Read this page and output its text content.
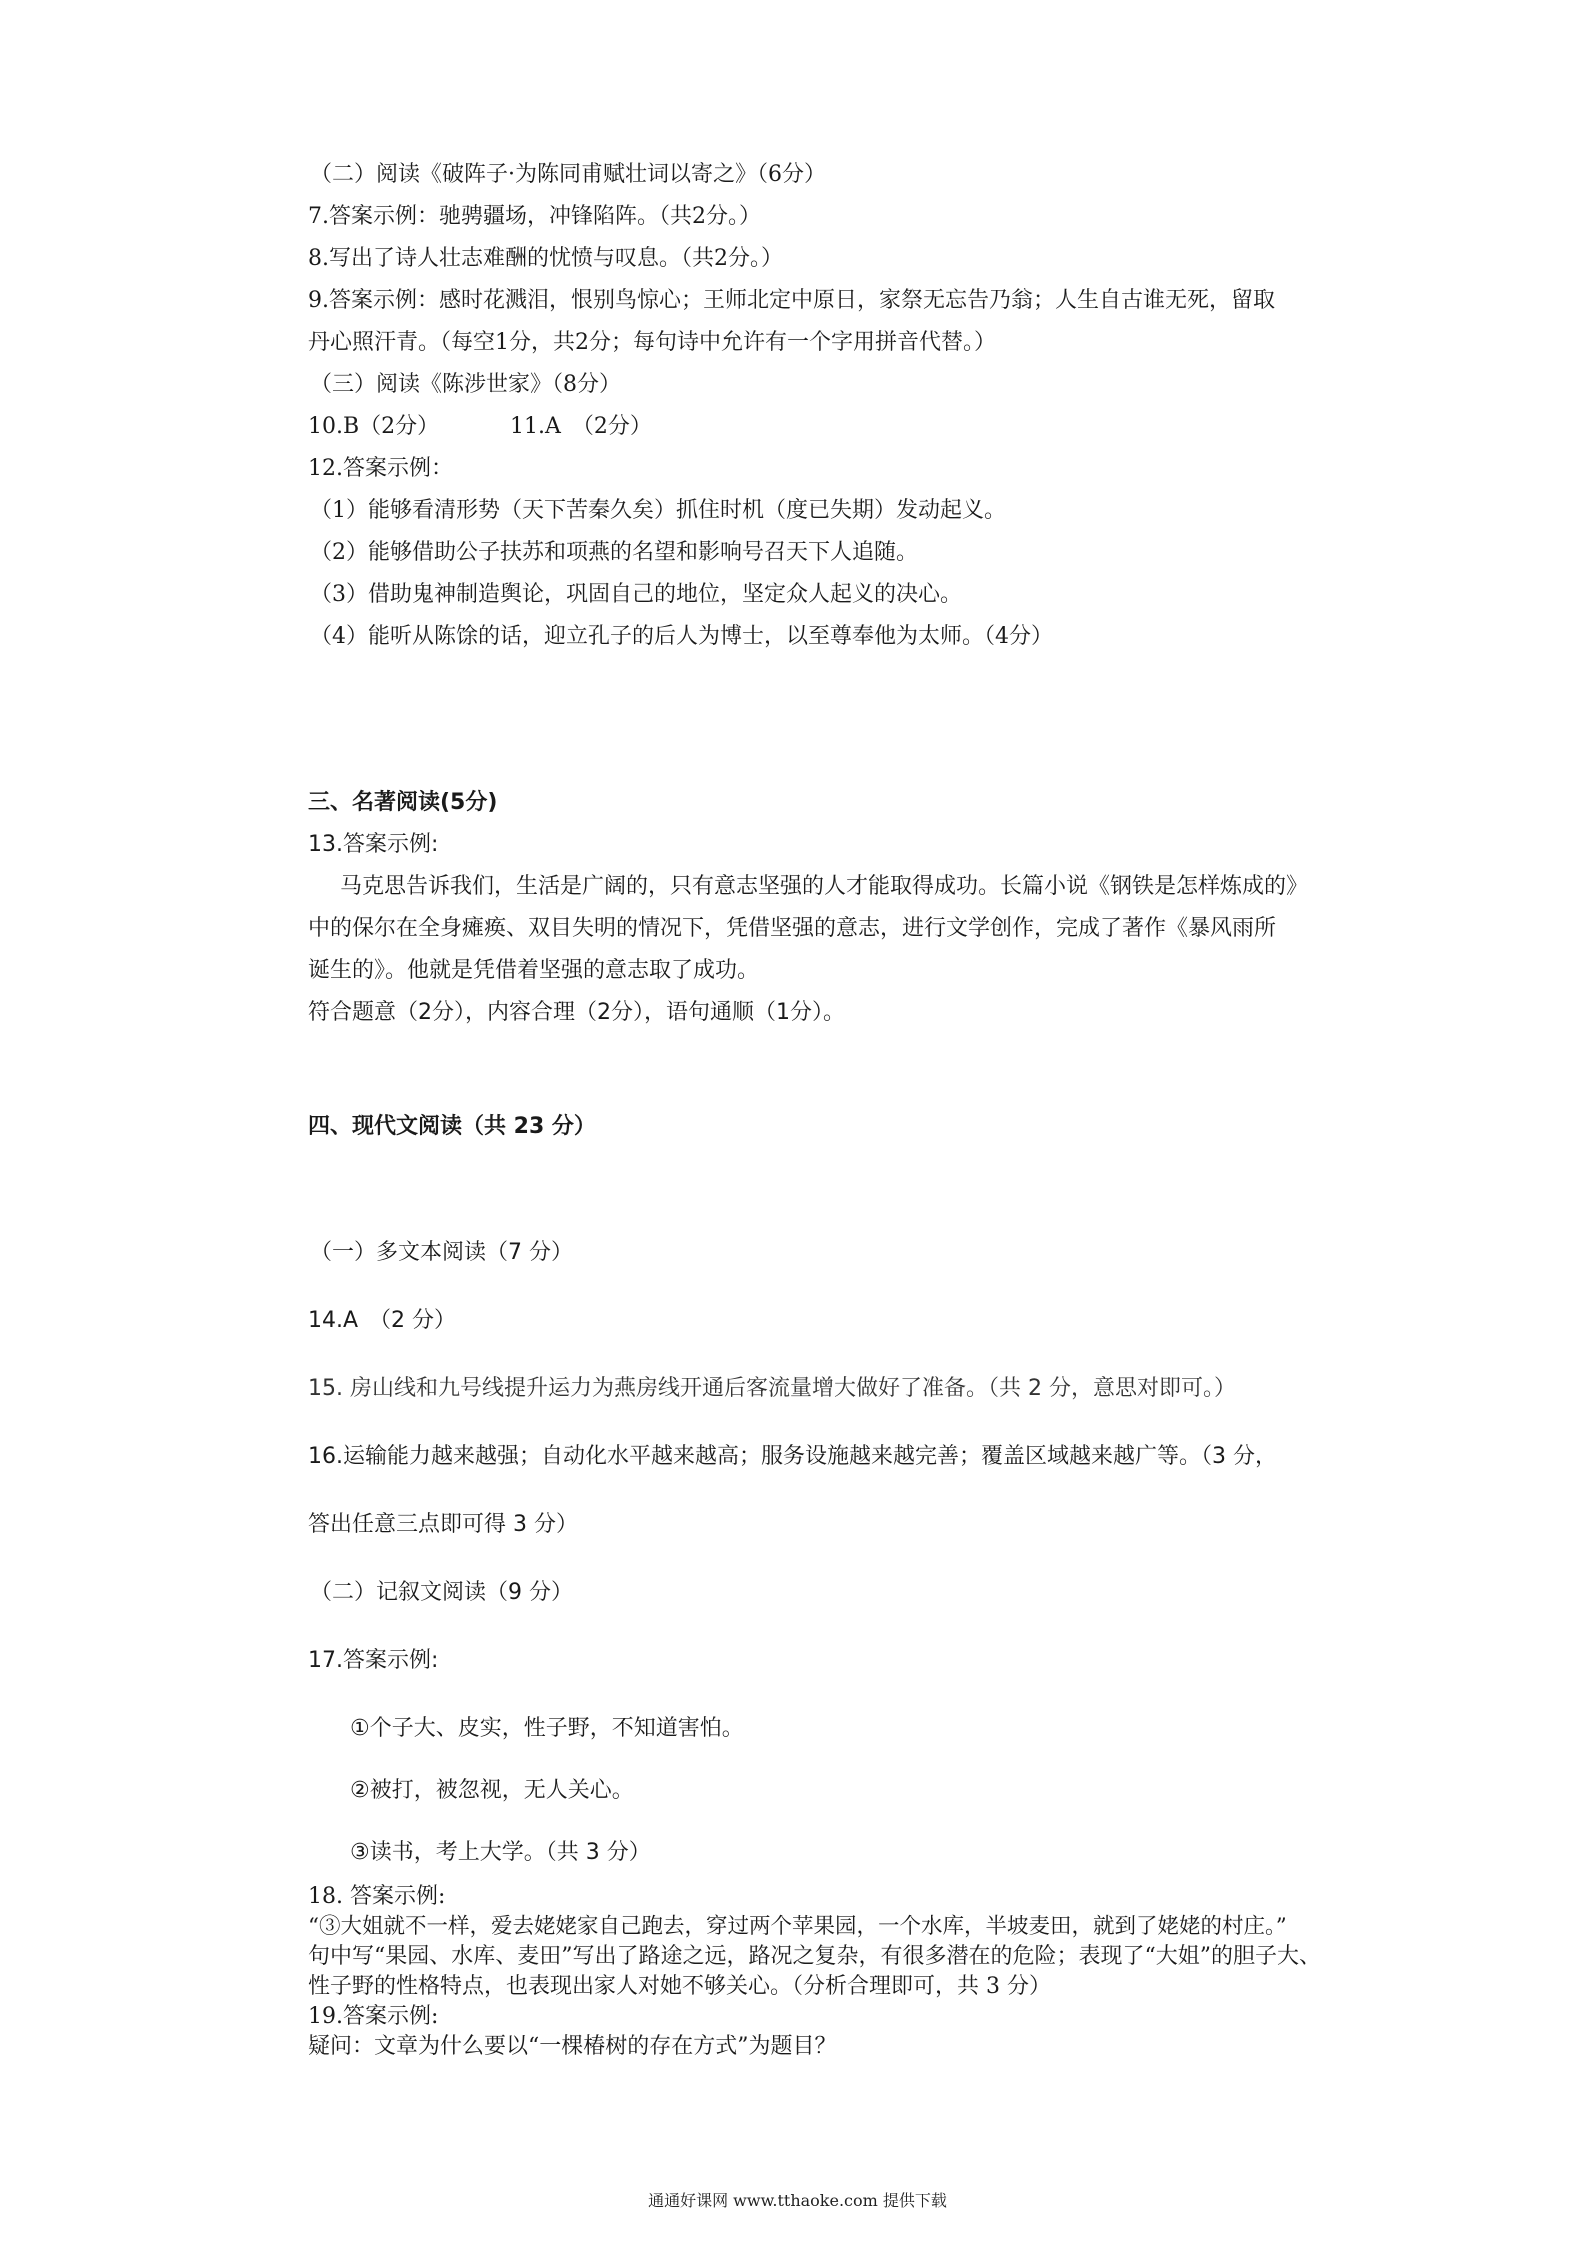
（二）阅读《破阵子·为陈同甫赋壮词以寄之》（6分）
7.答案示例：驰骋疆场，冲锋陷阵。（共2分。）
8.写出了诗人壮志难酬的忧愤与叹息。（共2分。）
9.答案示例：感时花溅泪，恨别鸟惊心；王师北定中原日，家祭无忘告乃翁；人生自古谁无死，留取
丹心照汗青。（每空1分，共2分；每句诗中允许有一个字用拼音代替。）
（三）阅读《陈涉世家》（8分）
10.B（2分）	11.A　（2分）
12.答案示例：
（1）能够看清形势（天下苦秦久矣）抓住时机（度已失期）发动起义。
（2）能够借助公子扶苏和项燕的名望和影响号召天下人追随。
（3）借助鬼神制造舆论，巩固自己的地位，坚定众人起义的决心。
（4）能听从陈馀的话，迎立孔子的后人为博士，以至尊奉他为太师。（4分）
三、名著阅读(5分)
13.答案示例:
马克思告诉我们，生活是广阔的，只有意志坚强的人才能取得成功。长篇小说《钢铁是怎样炼成的》
中的保尔在全身瘫痪、双目失明的情况下，凭借坚强的意志，进行文学创作，完成了著作《暴风雨所
诞生的》。他就是凭借着坚强的意志取了成功。
符合题意（2分），内容合理（2分），语句通顺（1分）。
四、现代文阅读（共 23 分）
（一）多文本阅读（7 分）
14.A　（2 分）
15. 房山线和九号线提升运力为燕房线开通后客流量增大做好了准备。（共 2 分，意思对即可。）
16.运输能力越来越强；自动化水平越来越高；服务设施越来越完善；覆盖区域越来越广等。（3 分，
答出任意三点即可得 3 分）
（二）记叙文阅读（9 分）
17.答案示例:
①个子大、皮实，性子野，不知道害怕。
②被打，被忽视，无人关心。
③读书，考上大学。（共 3 分）
18. 答案示例:
“③大姐就不一样，爱去姥姥家自己跑去，穿过两个苹果园，一个水库，半坡麦田，就到了姥姥的村庄。”
句中写“果园、水库、麦田”写出了路途之远，路况之复杂，有很多潜在的危险；表现了“大姐”的胆子大、
性子野的性格特点，也表现出家人对她不够关心。（分析合理即可，共 3 分）
19.答案示例:
疑问：文章为什么要以“一棵椿树的存在方式”为题目？
通通好课网 www.tthaoke.com 提供下载
